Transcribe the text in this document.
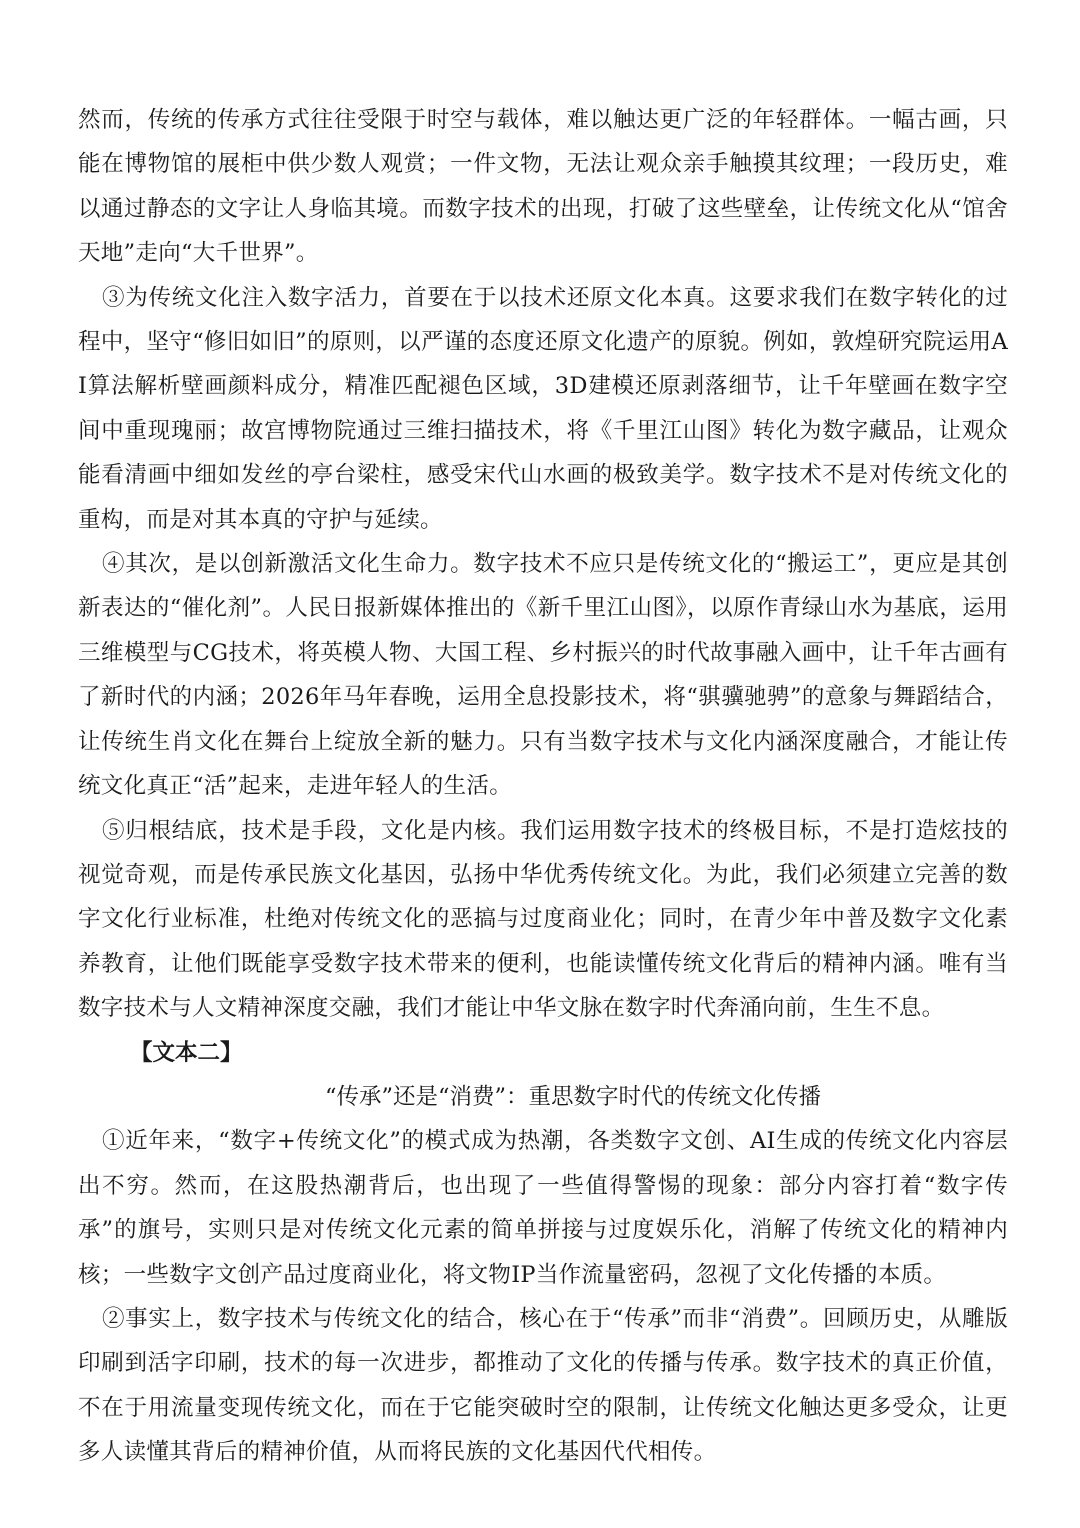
然而，传统的传承方式往往受限于时空与载体，难以触达更广泛的年轻群体。一幅古画，只能在博物馆的展柜中供少数人观赏；一件文物，无法让观众亲手触摸其纹理；一段历史，难以通过静态的文字让人身临其境。而数字技术的出现，打破了这些壁垒，让传统文化从“馆舍天地”走向“大千世界”。

③为传统文化注入数字活力，首要在于以技术还原文化本真。这要求我们在数字转化的过程中，坚守“修旧如旧”的原则，以严谨的态度还原文化遗产的原貌。例如，敦煌研究院运用AI算法解析壁画颜料成分，精准匹配褪色区域，3D建模还原剥落细节，让千年壁画在数字空间中重现瑰丽；故宫博物院通过三维扫描技术，将《千里江山图》转化为数字藏品，让观众能看清画中细如发丝的亭台梁柱，感受宋代山水画的极致美学。数字技术不是对传统文化的重构，而是对其本真的守护与延续。

④其次，是以创新激活文化生命力。数字技术不应只是传统文化的“搬运工”，更应是其创新表达的“催化剂”。人民日报新媒体推出的《新千里江山图》，以原作青绿山水为基底，运用三维模型与CG技术，将英模人物、大国工程、乡村振兴的时代故事融入画中，让千年古画有了新时代的内涵；2026年马年春晚，运用全息投影技术，将“骐骥驰骋”的意象与舞蹈结合，让传统生肖文化在舞台上绽放全新的魅力。只有当数字技术与文化内涵深度融合，才能让传统文化真正“活”起来，走进年轻人的生活。

⑤归根结底，技术是手段，文化是内核。我们运用数字技术的终极目标，不是打造炫技的视觉奇观，而是传承民族文化基因，弘扬中华优秀传统文化。为此，我们必须建立完善的数字文化行业标准，杜绝对传统文化的恶搞与过度商业化；同时，在青少年中普及数字文化素养教育，让他们既能享受数字技术带来的便利，也能读懂传统文化背后的精神内涵。唯有当数字技术与人文精神深度交融，我们才能让中华文脉在数字时代奔涌向前，生生不息。

【文本二】

“传承”还是“消费”：重思数字时代的传统文化传播

①近年来，“数字+传统文化”的模式成为热潮，各类数字文创、AI生成的传统文化内容层出不穷。然而，在这股热潮背后，也出现了一些值得警惕的现象：部分内容打着“数字传承”的旗号，实则只是对传统文化元素的简单拼接与过度娱乐化，消解了传统文化的精神内核；一些数字文创产品过度商业化，将文物IP当作流量密码，忽视了文化传播的本质。

②事实上，数字技术与传统文化的结合，核心在于“传承”而非“消费”。回顾历史，从雕版印刷到活字印刷，技术的每一次进步，都推动了文化的传播与传承。数字技术的真正价值，不在于用流量变现传统文化，而在于它能突破时空的限制，让传统文化触达更多受众，让更多人读懂其背后的精神价值，从而将民族的文化基因代代相传。
